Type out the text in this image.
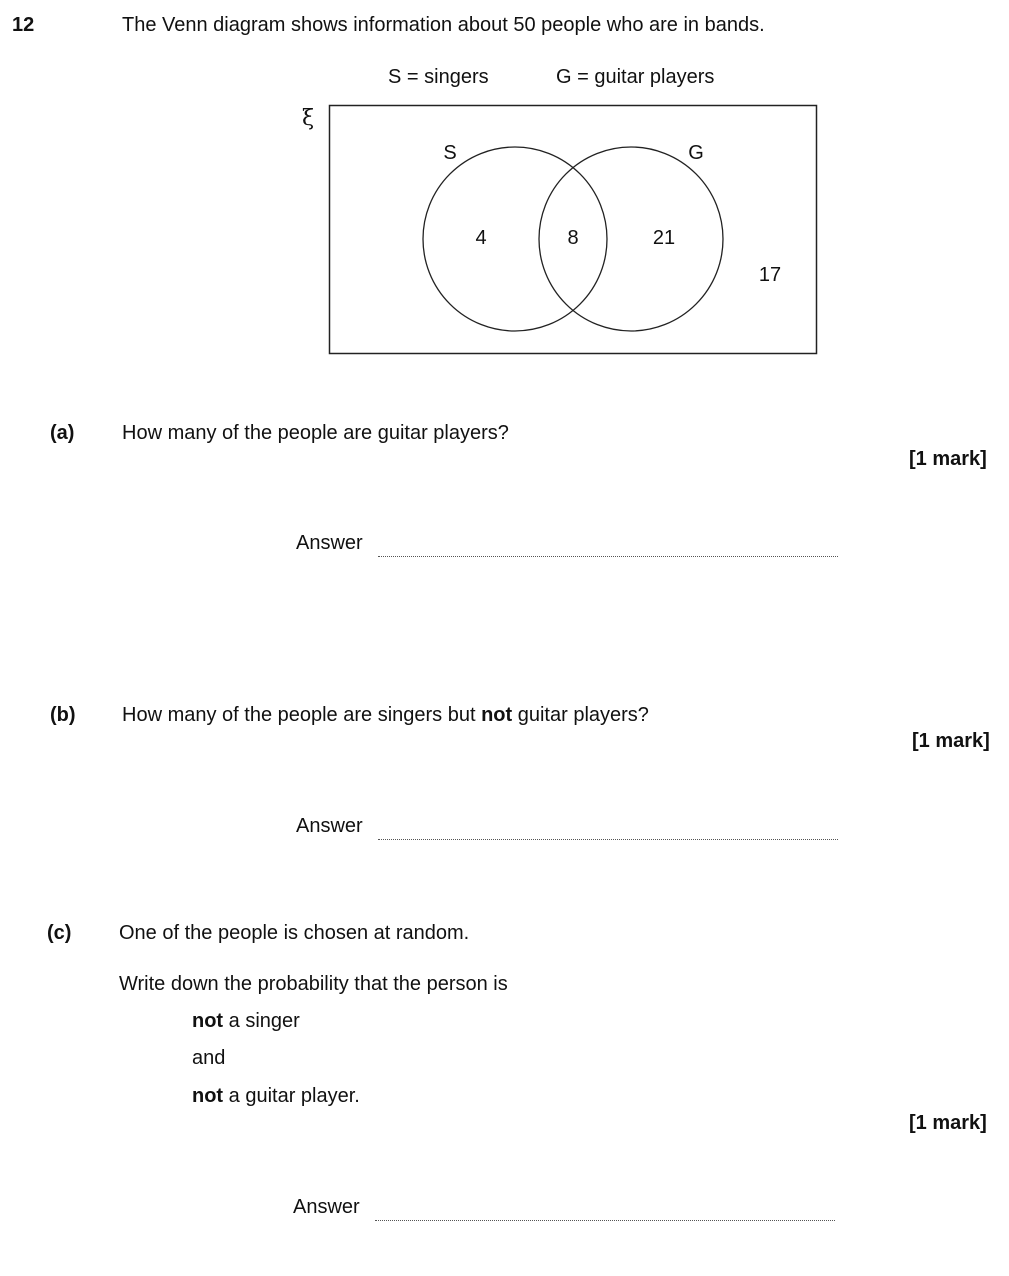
12	The Venn diagram shows information about 50 people who are in bands.
S = singers	G = guitar players
ξ
S	G
4	8	21
17
(a) How many of the people are guitar players?
[1 mark]
Answer
(b) How many of the people are singers but not guitar players?
[1 mark]
Answer
(c) One of the people is chosen at random.
Write down the probability that the person is
not a singer
and
not a guitar player.
[1 mark]
Answer
